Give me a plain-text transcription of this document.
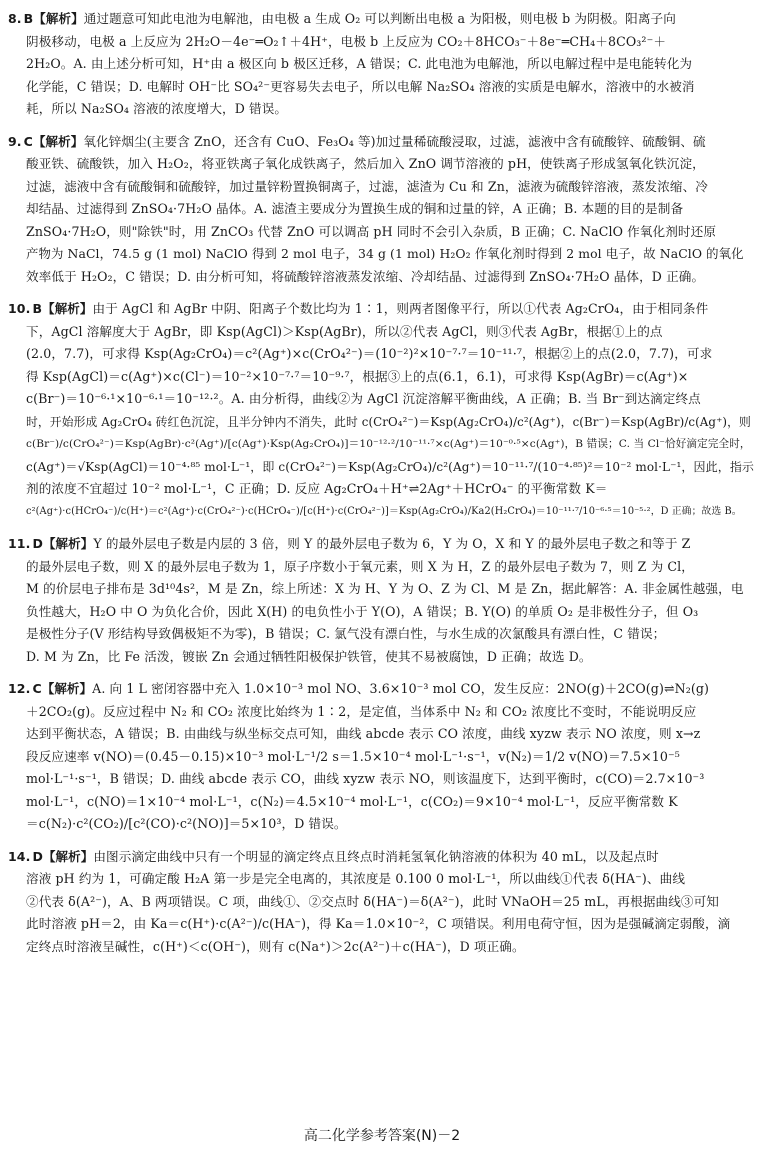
8. B【解析】通过题意可知此电池为电解池，由电极 a 生成 O₂ 可以判断出电极 a 为阳极，则电极 b 为阴极。阳离子向
阴极移动，电极 a 上反应为 2H₂O－4e⁻═O₂↑＋4H⁺，电极 b 上反应为 CO₂＋8HCO₃⁻＋8e⁻═CH₄＋8CO₃²⁻＋
2H₂O。A. 由上述分析可知，H⁺由 a 极区向 b 极区迁移，A 错误；C. 此电池为电解池，所以电解过程中是电能转化为
化学能，C 错误；D. 电解时 OH⁻比 SO₄²⁻更容易失去电子，所以电解 Na₂SO₄ 溶液的实质是电解水，溶液中的水被消
耗，所以 Na₂SO₄ 溶液的浓度增大，D 错误。
9. C【解析】氧化锌烟尘(主要含 ZnO，还含有 CuO、Fe₃O₄ 等)加过量稀硫酸浸取，过滤，滤液中含有硫酸锌、硫酸铜、硫
酸亚铁、硫酸铁，加入 H₂O₂，将亚铁离子氧化成铁离子，然后加入 ZnO 调节溶液的 pH，使铁离子形成氢氧化铁沉淀，
过滤，滤液中含有硫酸铜和硫酸锌，加过量锌粉置换铜离子，过滤，滤渣为 Cu 和 Zn，滤液为硫酸锌溶液，蒸发浓缩、冷
却结晶、过滤得到 ZnSO₄·7H₂O 晶体。A. 滤渣主要成分为置换生成的铜和过量的锌，A 正确；B. 本题的目的是制备
ZnSO₄·7H₂O，则"除铁"时，用 ZnCO₃ 代替 ZnO 可以调高 pH 同时不会引入杂质，B 正确；C. NaClO 作氧化剂时还原
产物为 NaCl，74.5 g (1 mol) NaClO 得到 2 mol 电子，34 g (1 mol) H₂O₂ 作氧化剂时得到 2 mol 电子，故 NaClO 的氧化
效率低于 H₂O₂，C 错误；D. 由分析可知，将硫酸锌溶液蒸发浓缩、冷却结晶、过滤得到 ZnSO₄·7H₂O 晶体，D 正确。
10. B【解析】由于 AgCl 和 AgBr 中阴、阳离子个数比均为 1∶1，则两者图像平行，所以①代表 Ag₂CrO₄，由于相同条件
下，AgCl 溶解度大于 AgBr，即 Ksp(AgCl)＞Ksp(AgBr)，所以②代表 AgCl，则③代表 AgBr，根据①上的点
(2.0，7.7)，可求得 Ksp(Ag₂CrO₄)＝c²(Ag⁺)×c(CrO₄²⁻)＝(10⁻²)²×10⁻⁷·⁷＝10⁻¹¹·⁷，根据②上的点(2.0，7.7)，可求
得 Ksp(AgCl)＝c(Ag⁺)×c(Cl⁻)＝10⁻²×10⁻⁷·⁷＝10⁻⁹·⁷，根据③上的点(6.1，6.1)，可求得 Ksp(AgBr)＝c(Ag⁺)×
c(Br⁻)＝10⁻⁶·¹×10⁻⁶·¹＝10⁻¹²·²。A. 由分析得，曲线②为 AgCl 沉淀溶解平衡曲线，A 正确；B. 当 Br⁻到达滴定终点
时，开始形成 Ag₂CrO₄ 砖红色沉淀，且半分钟内不消失，此时 c(CrO₄²⁻)＝Ksp(Ag₂CrO₄)/c²(Ag⁺)，c(Br⁻)＝Ksp(AgBr)/c(Ag⁺)，则
c(Br⁻)/c(CrO₄²⁻)＝Ksp(AgBr)·c²(Ag⁺)/[c(Ag⁺)·Ksp(Ag₂CrO₄)]＝10⁻¹²·²/10⁻¹¹·⁷×c(Ag⁺)＝10⁻⁰·⁵×c(Ag⁺)，B 错误；C. 当 Cl⁻恰好滴定完全时，
c(Ag⁺)＝√Ksp(AgCl)＝10⁻⁴·⁸⁵ mol·L⁻¹，即 c(CrO₄²⁻)＝Ksp(Ag₂CrO₄)/c²(Ag⁺)＝10⁻¹¹·⁷/(10⁻⁴·⁸⁵)²＝10⁻² mol·L⁻¹，因此，指示
剂的浓度不宜超过 10⁻² mol·L⁻¹，C 正确；D. 反应 Ag₂CrO₄＋H⁺⇌2Ag⁺＋HCrO₄⁻ 的平衡常数 K＝
c²(Ag⁺)·c(HCrO₄⁻)/c(H⁺)＝c²(Ag⁺)·c(CrO₄²⁻)·c(HCrO₄⁻)/[c(H⁺)·c(CrO₄²⁻)]＝Ksp(Ag₂CrO₄)/Ka2(H₂CrO₄)＝10⁻¹¹·⁷/10⁻⁶·⁵＝10⁻⁵·²，D 正确；故选 B。
11. D【解析】Y 的最外层电子数是内层的 3 倍，则 Y 的最外层电子数为 6，Y 为 O，X 和 Y 的最外层电子数之和等于 Z
的最外层电子数，则 X 的最外层电子数为 1，原子序数小于氧元素，则 X 为 H，Z 的最外层电子数为 7，则 Z 为 Cl，
M 的价层电子排布是 3d¹⁰4s²，M 是 Zn，综上所述：X 为 H、Y 为 O、Z 为 Cl、M 是 Zn，据此解答：A. 非金属性越强，电
负性越大，H₂O 中 O 为负化合价，因此 X(H) 的电负性小于 Y(O)，A 错误；B. Y(O) 的单质 O₂ 是非极性分子，但 O₃
是极性分子(V 形结构导致偶极矩不为零)，B 错误；C. 氯气没有漂白性，与水生成的次氯酸具有漂白性，C 错误；
D. M 为 Zn，比 Fe 活泼，镀嵌 Zn 会通过牺牲阳极保护铁管，使其不易被腐蚀，D 正确；故选 D。
12. C【解析】A. 向 1 L 密闭容器中充入 1.0×10⁻³ mol NO、3.6×10⁻³ mol CO，发生反应：2NO(g)＋2CO(g)⇌N₂(g)
＋2CO₂(g)。反应过程中 N₂ 和 CO₂ 浓度比始终为 1∶2，是定值，当体系中 N₂ 和 CO₂ 浓度比不变时，不能说明反应
达到平衡状态，A 错误；B. 由曲线与纵坐标交点可知，曲线 abcde 表示 CO 浓度，曲线 xyzw 表示 NO 浓度，则 x→z
段反应速率 v(NO)＝(0.45－0.15)×10⁻³ mol·L⁻¹/2 s＝1.5×10⁻⁴ mol·L⁻¹·s⁻¹，v(N₂)＝1/2 v(NO)＝7.5×10⁻⁵
mol·L⁻¹·s⁻¹，B 错误；D. 曲线 abcde 表示 CO，曲线 xyzw 表示 NO，则该温度下，达到平衡时，c(CO)＝2.7×10⁻³
mol·L⁻¹，c(NO)＝1×10⁻⁴ mol·L⁻¹，c(N₂)＝4.5×10⁻⁴ mol·L⁻¹，c(CO₂)＝9×10⁻⁴ mol·L⁻¹，反应平衡常数 K
＝c(N₂)·c²(CO₂)/[c²(CO)·c²(NO)]＝5×10³，D 错误。
14. D【解析】由图示滴定曲线中只有一个明显的滴定终点且终点时消耗氢氧化钠溶液的体积为 40 mL，以及起点时
溶液 pH 约为 1，可确定酸 H₂A 第一步是完全电离的，其浓度是 0.100 0 mol·L⁻¹，所以曲线①代表 δ(HA⁻)、曲线
②代表 δ(A²⁻)，A、B 两项错误。C 项，曲线①、②交点时 δ(HA⁻)＝δ(A²⁻)，此时 VNaOH＝25 mL，再根据曲线③可知
此时溶液 pH＝2，由 Ka＝c(H⁺)·c(A²⁻)/c(HA⁻)，得 Ka＝1.0×10⁻²，C 项错误。利用电荷守恒，因为是强碱滴定弱酸，滴
定终点时溶液呈碱性，c(H⁺)＜c(OH⁻)，则有 c(Na⁺)＞2c(A²⁻)＋c(HA⁻)，D 项正确。
高二化学参考答案(N)－2
